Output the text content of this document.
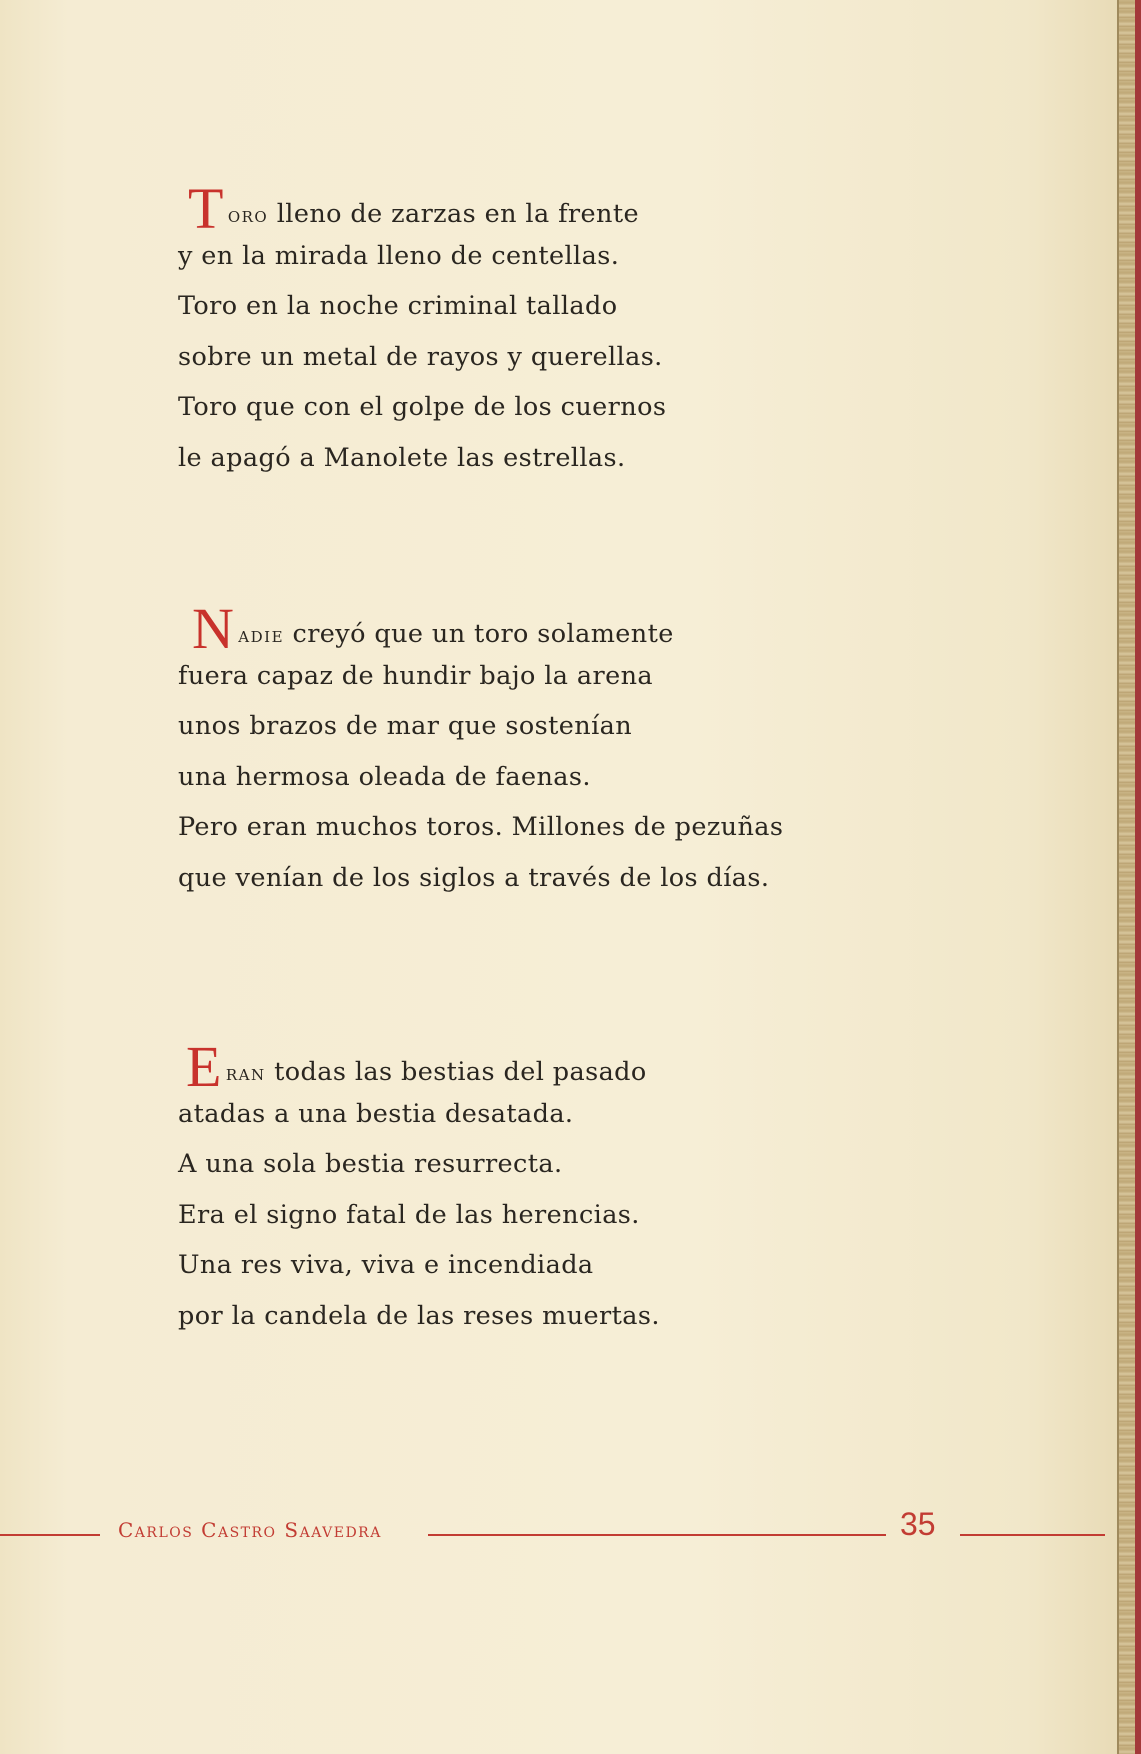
Toro lleno de zarzas en la frente
y en la mirada lleno de centellas.
Toro en la noche criminal tallado
sobre un metal de rayos y querellas.
Toro que con el golpe de los cuernos
le apagó a Manolete las estrellas.
Nadie creyó que un toro solamente
fuera capaz de hundir bajo la arena
unos brazos de mar que sostenían
una hermosa oleada de faenas.
Pero eran muchos toros. Millones de pezuñas
que venían de los siglos a través de los días.
Eran todas las bestias del pasado
atadas a una bestia desatada.
A una sola bestia resurrecta.
Era el signo fatal de las herencias.
Una res viva, viva e incendiada
por la candela de las reses muertas.
Carlos Castro Saavedra	35
